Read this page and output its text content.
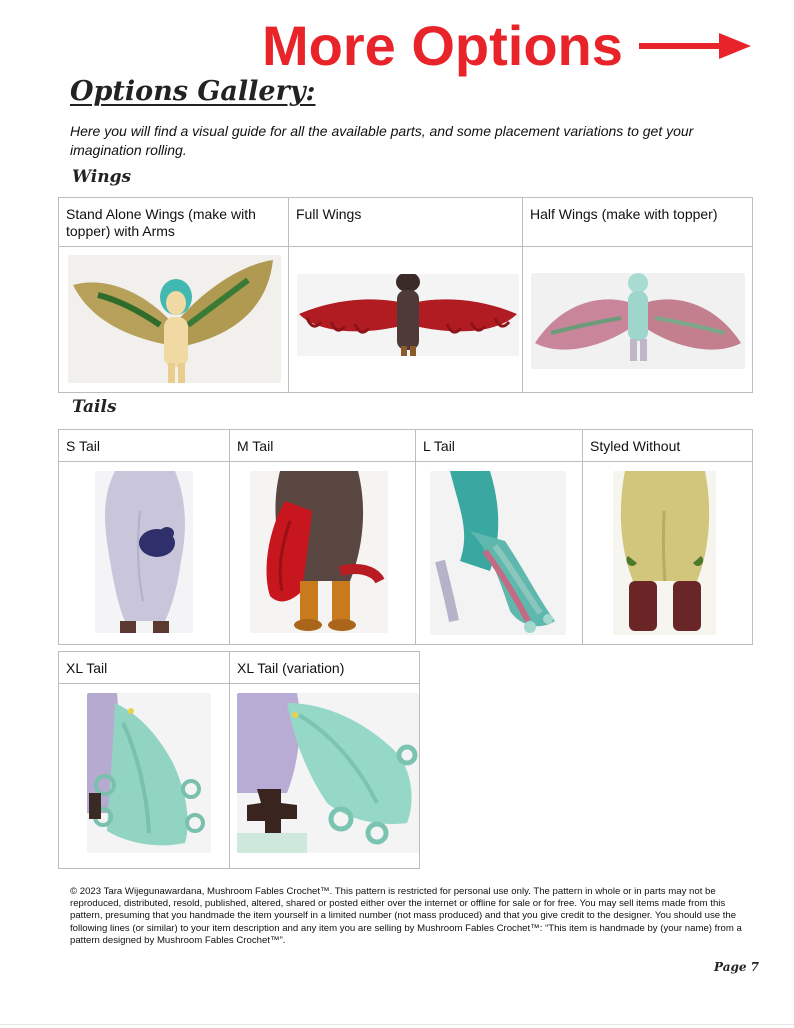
More Options
Options Gallery:
Here you will find a visual guide for all the available parts, and some placement variations to get your imagination rolling.
Wings
Stand Alone Wings (make with topper) with Arms	Full Wings	Half Wings (make with topper)

Tails
S Tail	M Tail	L Tail	Styled Without

XL Tail	XL Tail (variation)

© 2023 Tara Wijegunawardana, Mushroom Fables Crochet™. This pattern is restricted for personal use only. The pattern in whole or in parts may not be reproduced, distributed, resold, published, altered, shared or posted either over the internet or offline for sale or for free. You may sell items made from this pattern, presuming that you handmade the item yourself in a limited number (not mass produced) and that you give credit to the designer. You should use the following lines (or similar) to your item description and any item you are selling by Mushroom Fables Crochet™: “This item is handmade by (your name) from a pattern designed by Mushroom Fables Crochet™”.
Page 7
